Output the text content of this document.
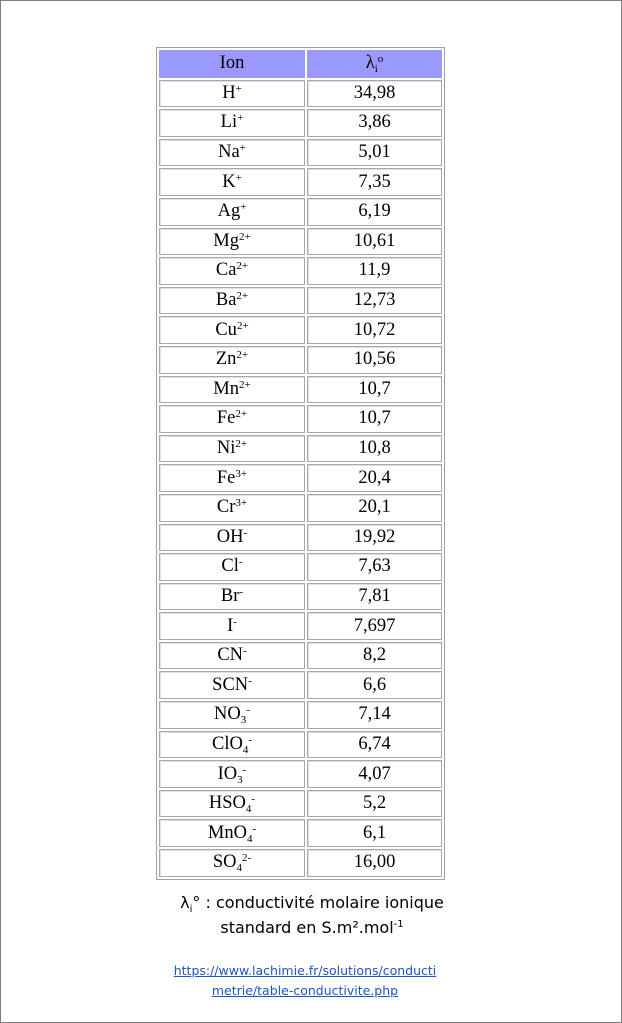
Ion	$\lambda_i^o$
H+	34,98
Li+	3,86
Na+	5,01
K+	7,35
Ag+	6,19
$Mg^{2+}$	10,61
$Ca^{2+}$	11,9
$Ba^{2+}$	12,73
$Cu^{2+}$	10,72
$Zn^{2+}$	10,56
$Mn^{2+}$	10,7
$Fe^{2+}$	10,7
$Ni^{2+}$	10,8
$Fe^{3+}$	20,4
$Cr^{3+}$	20,1
OH-	19,92
Cl-	7,63
Br-	7,81
I-	7,697
CN-	8,2
SCN-	6,6
$NO_3^-$	7,14
ClO$_4$-	6,74
$IO_3^-$	4,07
$HSO_4^-$	5,2
MnO$_4$-	6,1
$SO_4^{2-}$	16,00
$\lambda_i^\circ$ : conductivité molaire ionique
standard en S.m².mol$^{-1}$
https://www.lachimie.fr/solutions/conducti
metrie/table-conductivite.php
